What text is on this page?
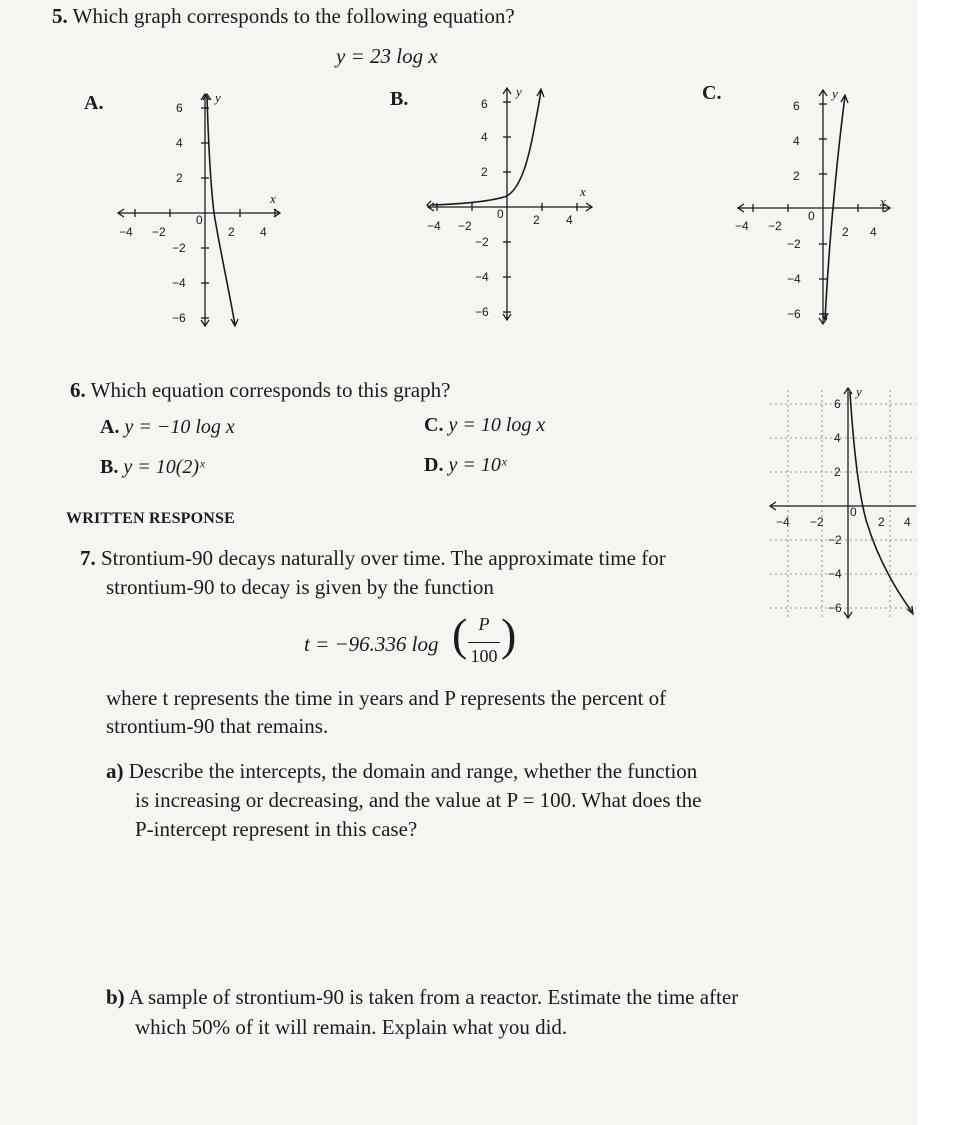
5. Which graph corresponds to the following equation?
y = 23 log x
A.	B.	C.
y
x
0
−4 −2	2 4
6
4
2
−2
−4
−6
y
x
0
−4 −2	2 4
6
4
2
−2
−4
−6
y
x
0
−4 −2	2 4
6
4
2
−2
−4
−6
6. Which equation corresponds to this graph?
A. y = −10 log x
B. y = 10(2)ˣ
C. y = 10 log x
D. y = 10ˣ
y
0
−4 −2	2 4
6
4
2
−2
−4
−6
WRITTEN RESPONSE
7. Strontium-90 decays naturally over time. The approximate time for
strontium-90 to decay is given by the function
t = −96.336 log ( P
100 )
where t represents the time in years and P represents the percent of
strontium-90 that remains.
a) Describe the intercepts, the domain and range, whether the function
is increasing or decreasing, and the value at P = 100. What does the
P-intercept represent in this case?
b) A sample of strontium-90 is taken from a reactor. Estimate the time after
which 50% of it will remain. Explain what you did.
